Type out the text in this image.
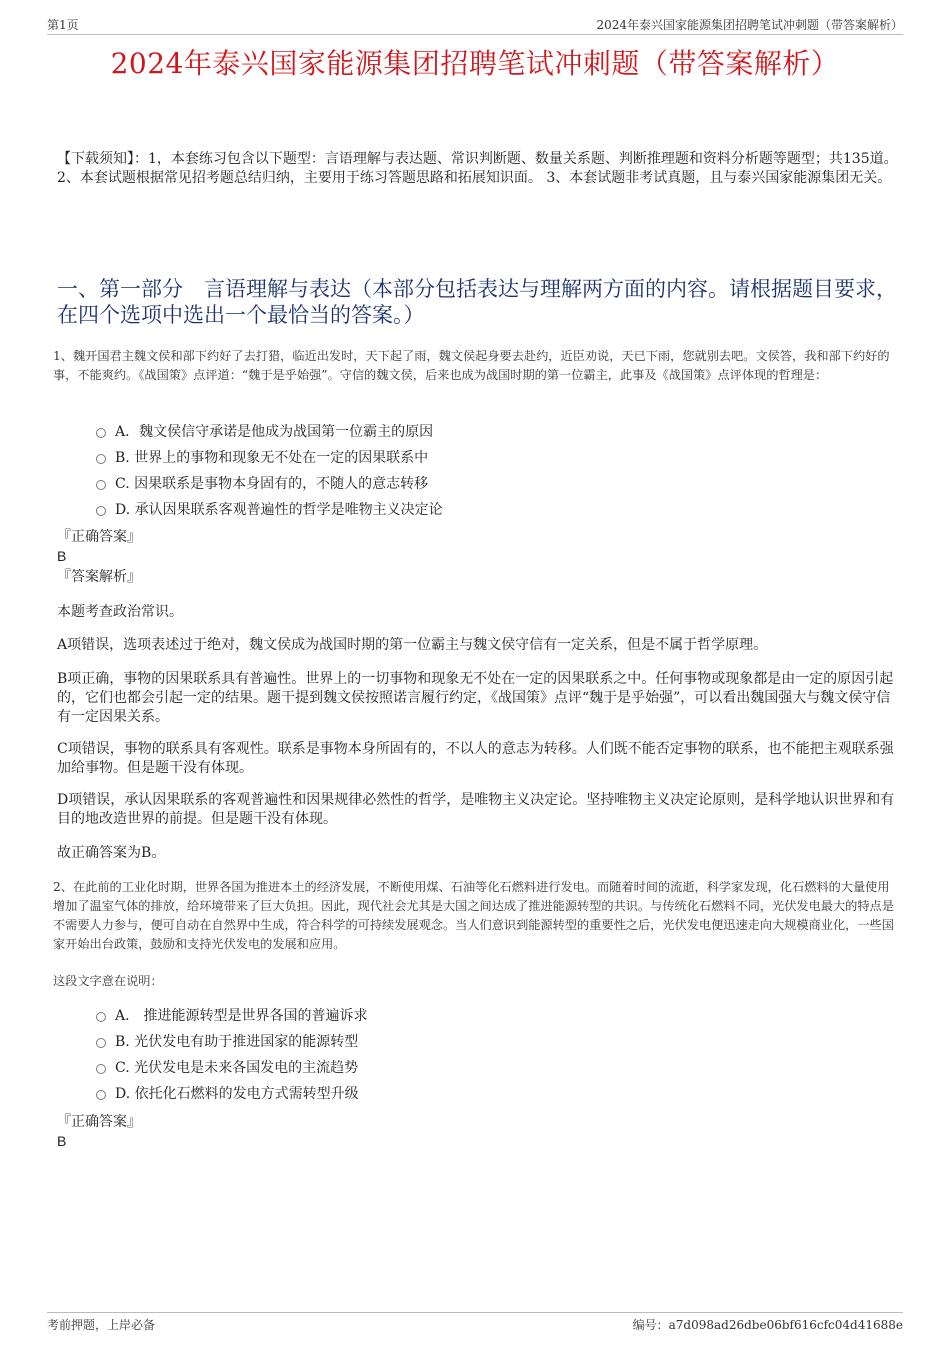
第1页	2024年泰兴国家能源集团招聘笔试冲刺题（带答案解析）
2024年泰兴国家能源集团招聘笔试冲刺题（带答案解析）
【下载须知】：1，本套练习包含以下题型：言语理解与表达题、常识判断题、数量关系题、判断推理题和资料分析题等题型；共135道。 2、本套试题根据常见招考题总结归纳，主要用于练习答题思路和拓展知识面。 3、本套试题非考试真题，且与泰兴国家能源集团无关。
一、第一部分　言语理解与表达（本部分包括表达与理解两方面的内容。请根据题目要求，在四个选项中选出一个最恰当的答案。）
1、魏开国君主魏文侯和部下约好了去打猎，临近出发时，天下起了雨，魏文侯起身要去赴约，近臣劝说，天已下雨，您就别去吧。文侯答，我和部下约好的事，不能爽约。《战国策》点评道：“魏于是乎始强”。守信的魏文侯，后来也成为战国时期的第一位霸主，此事及《战国策》点评体现的哲理是：
A．魏文侯信守承诺是他成为战国第一位霸主的原因
B. 世界上的事物和现象无不处在一定的因果联系中
C. 因果联系是事物本身固有的，不随人的意志转移
D. 承认因果联系客观普遍性的哲学是唯物主义决定论
『正确答案』
B
『答案解析』
本题考查政治常识。
A项错误，选项表述过于绝对，魏文侯成为战国时期的第一位霸主与魏文侯守信有一定关系，但是不属于哲学原理。
B项正确，事物的因果联系具有普遍性。世界上的一切事物和现象无不处在一定的因果联系之中。任何事物或现象都是由一定的原因引起的，它们也都会引起一定的结果。题干提到魏文侯按照诺言履行约定，《战国策》点评“魏于是乎始强”，可以看出魏国强大与魏文侯守信有一定因果关系。
C项错误，事物的联系具有客观性。联系是事物本身所固有的，不以人的意志为转移。人们既不能否定事物的联系，也不能把主观联系强加给事物。但是题干没有体现。
D项错误，承认因果联系的客观普遍性和因果规律必然性的哲学，是唯物主义决定论。坚持唯物主义决定论原则，是科学地认识世界和有目的地改造世界的前提。但是题干没有体现。
故正确答案为B。
2、在此前的工业化时期，世界各国为推进本土的经济发展，不断使用煤、石油等化石燃料进行发电。而随着时间的流逝，科学家发现，化石燃料的大量使用增加了温室气体的排放，给环境带来了巨大负担。因此，现代社会尤其是大国之间达成了推进能源转型的共识。与传统化石燃料不同，光伏发电最大的特点是不需要人力参与，便可自动在自然界中生成，符合科学的可持续发展观念。当人们意识到能源转型的重要性之后，光伏发电便迅速走向大规模商业化，一些国家开始出台政策，鼓励和支持光伏发电的发展和应用。
这段文字意在说明：
A． 推进能源转型是世界各国的普遍诉求
B. 光伏发电有助于推进国家的能源转型
C. 光伏发电是未来各国发电的主流趋势
D. 依托化石燃料的发电方式需转型升级
『正确答案』
B
考前押题，上岸必备	编号：a7d098ad26dbe06bf616cfc04d41688e
